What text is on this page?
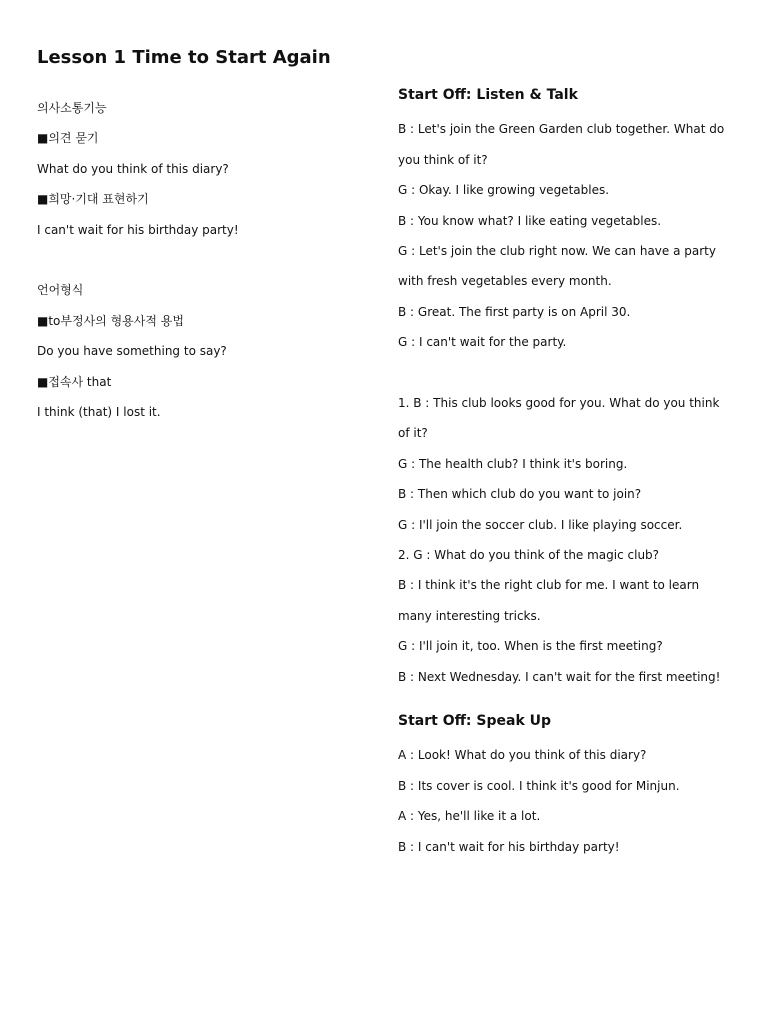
Lesson 1 Time to Start Again

의사소통기능

■의견 묻기

What do you think of this diary?

■희망·기대 표현하기

I can't wait for his birthday party!

언어형식

■to부정사의 형용사적 용법

Do you have something to say?

■접속사 that

I think (that) I lost it.

Start Off: Listen & Talk

B : Let's join the Green Garden club together. What do you think of it?

G : Okay. I like growing vegetables.

B : You know what? I like eating vegetables.

G : Let's join the club right now. We can have a party with fresh vegetables every month.

B : Great. The first party is on April 30.

G : I can't wait for the party.

1. B : This club looks good for you. What do you think of it?

G : The health club? I think it's boring.

B : Then which club do you want to join?

G : I'll join the soccer club. I like playing soccer.

2. G : What do you think of the magic club?

B : I think it's the right club for me. I want to learn many interesting tricks.

G : I'll join it, too. When is the first meeting?

B : Next Wednesday. I can't wait for the first meeting!

Start Off: Speak Up

A : Look! What do you think of this diary?

B : Its cover is cool. I think it's good for Minjun.

A : Yes, he'll like it a lot.

B : I can't wait for his birthday party!
